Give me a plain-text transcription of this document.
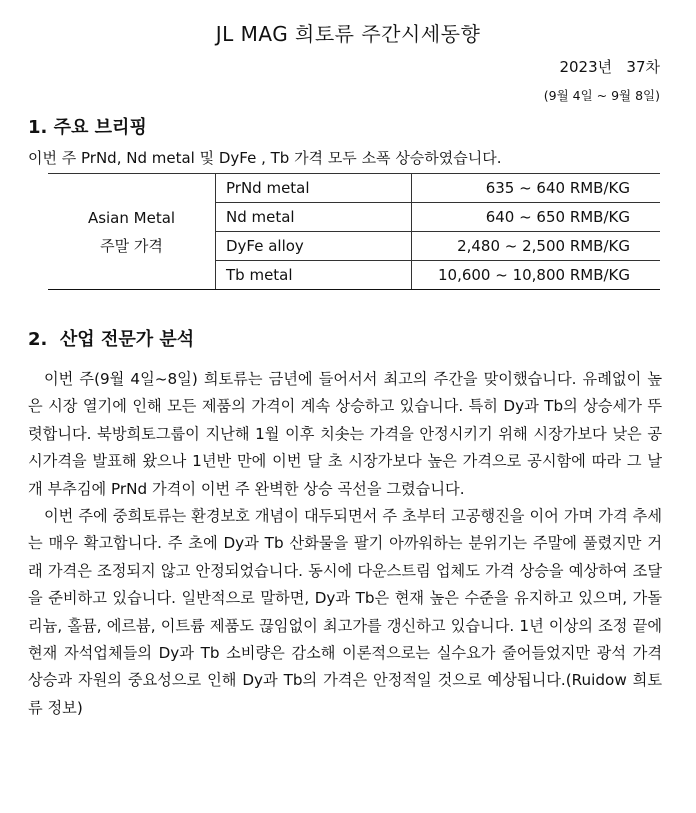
JL MAG 희토류 주간시세동향
2023년   37차
(9월 4일 ~ 9월 8일)
1. 주요 브리핑
이번 주 PrNd, Nd metal 및 DyFe , Tb 가격 모두 소폭 상승하였습니다.
Asian Metal
주말 가격	PrNd metal	635 ~ 640 RMB/KG
	Nd metal	640 ~ 650 RMB/KG
	DyFe alloy	2,480 ~ 2,500 RMB/KG
	Tb metal	10,600 ~ 10,800 RMB/KG
2.  산업 전문가 분석

이번 주(9월 4일~8일) 희토류는 금년에 들어서서 최고의 주간을 맞이했습니다. 유례없이 높은 시장 열기에 인해 모든 제품의 가격이 계속 상승하고 있습니다. 특히 Dy과 Tb의 상승세가 뚜렷합니다. 북방희토그룹이 지난해 1월 이후 치솟는 가격을 안정시키기 위해 시장가보다 낮은 공시가격을 발표해 왔으나 1년반 만에 이번 달 초 시장가보다 높은 가격으로 공시함에 따라 그 날개 부추김에 PrNd 가격이 이번 주 완벽한 상승 곡선을 그렸습니다.

이번 주에 중희토류는 환경보호 개념이 대두되면서 주 초부터 고공행진을 이어 가며 가격 추세는 매우 확고합니다. 주 초에 Dy과 Tb 산화물을 팔기 아까워하는 분위기는 주말에 풀렸지만 거래 가격은 조정되지 않고 안정되었습니다. 동시에 다운스트림 업체도 가격 상승을 예상하여 조달을 준비하고 있습니다. 일반적으로 말하면, Dy과 Tb은 현재 높은 수준을 유지하고 있으며, 가돌리늄, 홀뮴, 에르븀, 이트륨 제품도 끊임없이 최고가를 갱신하고 있습니다. 1년 이상의 조정 끝에 현재 자석업체들의 Dy과 Tb 소비량은 감소해 이론적으로는 실수요가 줄어들었지만 광석 가격 상승과 자원의 중요성으로 인해 Dy과 Tb의 가격은 안정적일 것으로 예상됩니다.(Ruidow 희토류 정보)
